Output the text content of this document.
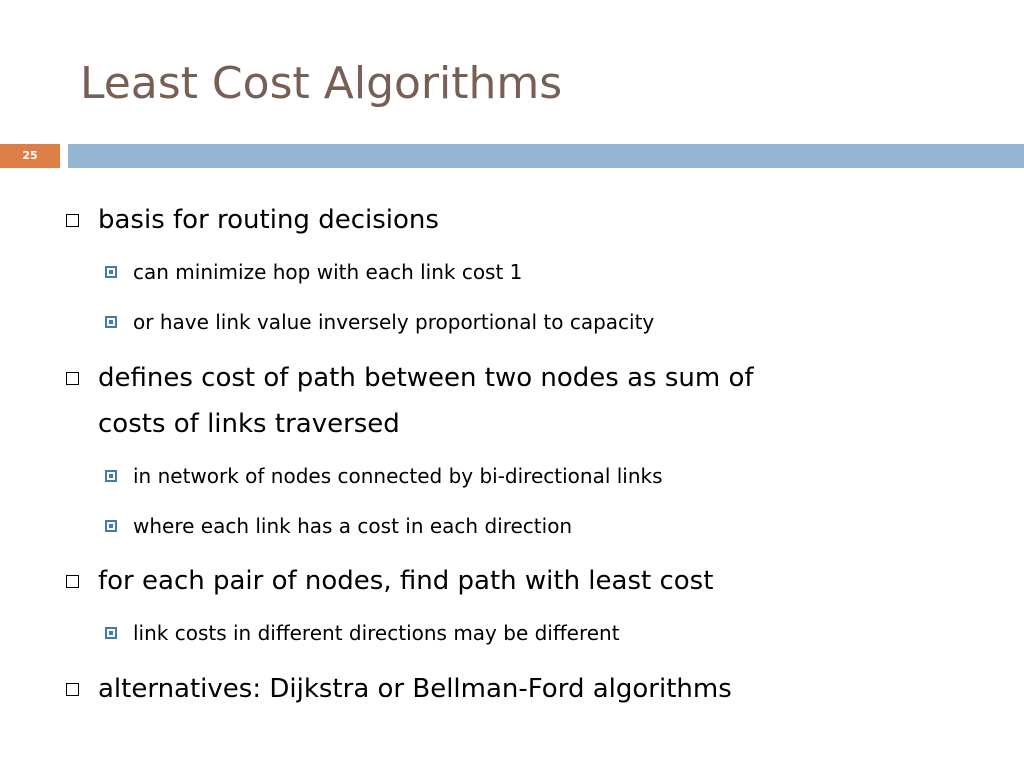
Least Cost Algorithms
25
basis for routing decisions
can minimize hop with each link cost 1
or have link value inversely proportional to capacity
defines cost of path between two nodes as sum of
costs of links traversed
in network of nodes connected by bi-directional links
where each link has a cost in each direction
for each pair of nodes, find path with least cost
link costs in different directions may be different
alternatives: Dijkstra or Bellman-Ford algorithms
